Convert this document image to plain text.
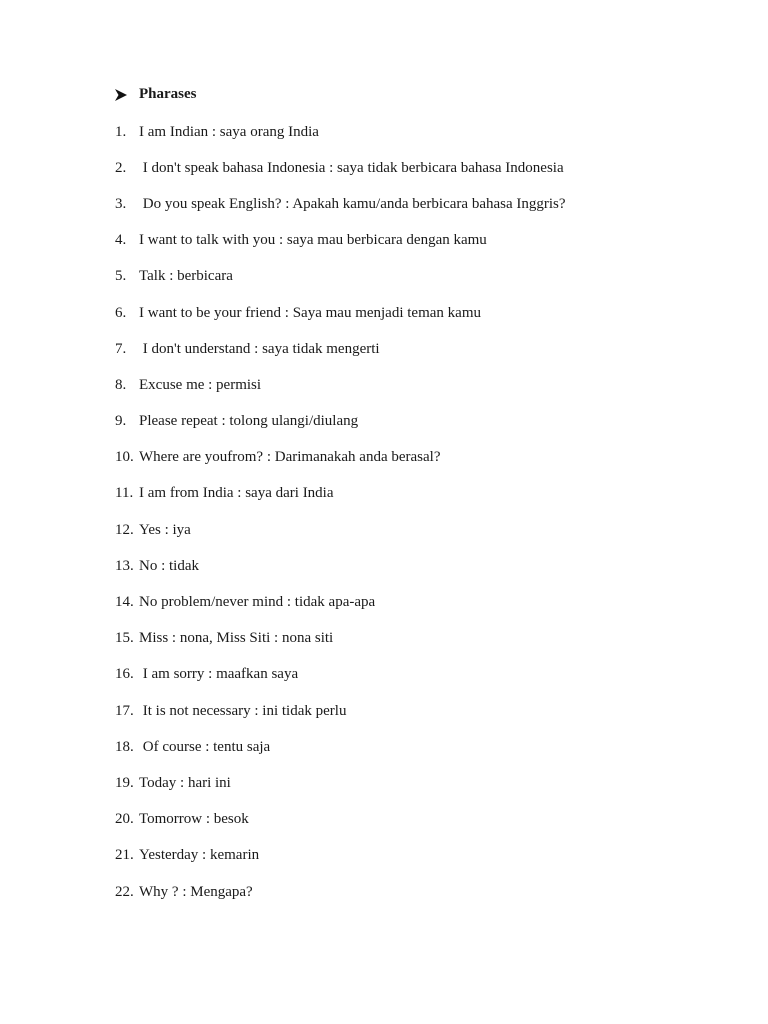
Pharases
1. I am Indian : saya orang India
2. I don't speak bahasa Indonesia : saya tidak berbicara bahasa Indonesia
3. Do you speak English? : Apakah kamu/anda berbicara bahasa Inggris?
4. I want to talk with you : saya mau berbicara dengan kamu
5. Talk : berbicara
6. I want to be your friend : Saya mau menjadi teman kamu
7. I don't understand : saya tidak mengerti
8. Excuse me : permisi
9. Please repeat : tolong ulangi/diulang
10. Where are youfrom? : Darimanakah anda berasal?
11. I am from India : saya dari India
12. Yes : iya
13. No : tidak
14. No problem/never mind : tidak apa-apa
15. Miss : nona, Miss Siti : nona siti
16. I am sorry : maafkan saya
17. It is not necessary : ini tidak perlu
18. Of course : tentu saja
19. Today : hari ini
20. Tomorrow : besok
21. Yesterday : kemarin
22. Why ? : Mengapa?
